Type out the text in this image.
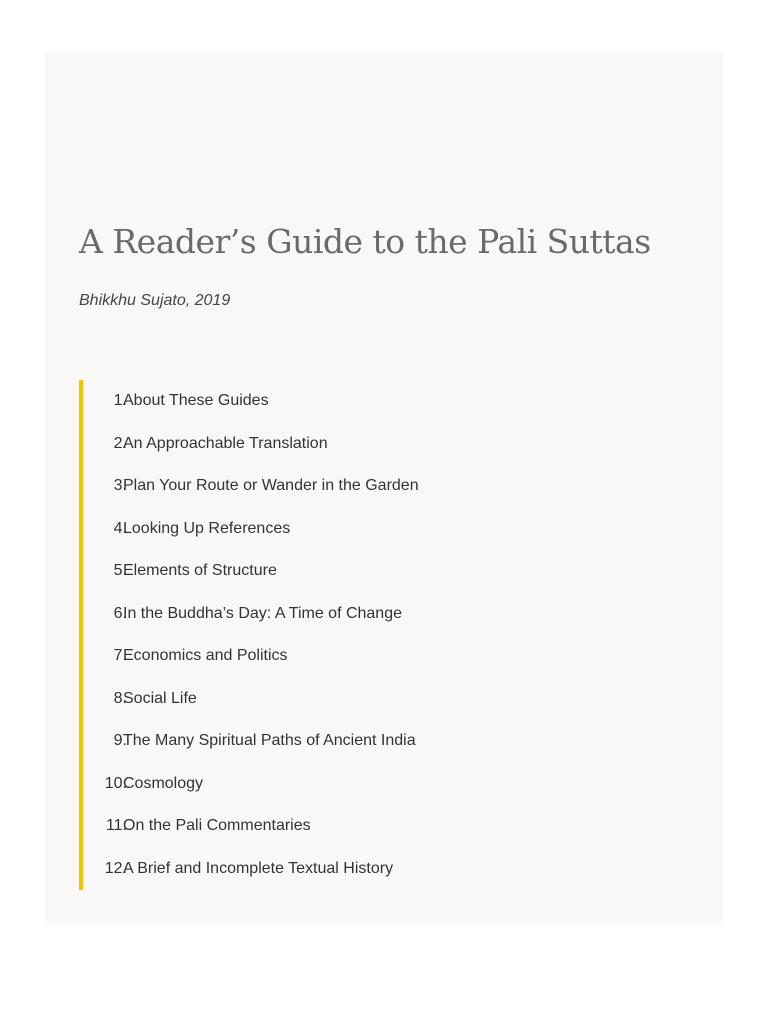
A Reader’s Guide to the Pali Suttas

Bhikkhu Sujato, 2019

1.
About These Guides
2.
An Approachable Translation
3.
Plan Your Route or Wander in the Garden
4.
Looking Up References
5.
Elements of Structure
6.
In the Buddha’s Day: A Time of Change
7.
Economics and Politics
8.
Social Life
9.
The Many Spiritual Paths of Ancient India
10.
Cosmology
11.
On the Pali Commentaries
12.
A Brief and Incomplete Textual History
